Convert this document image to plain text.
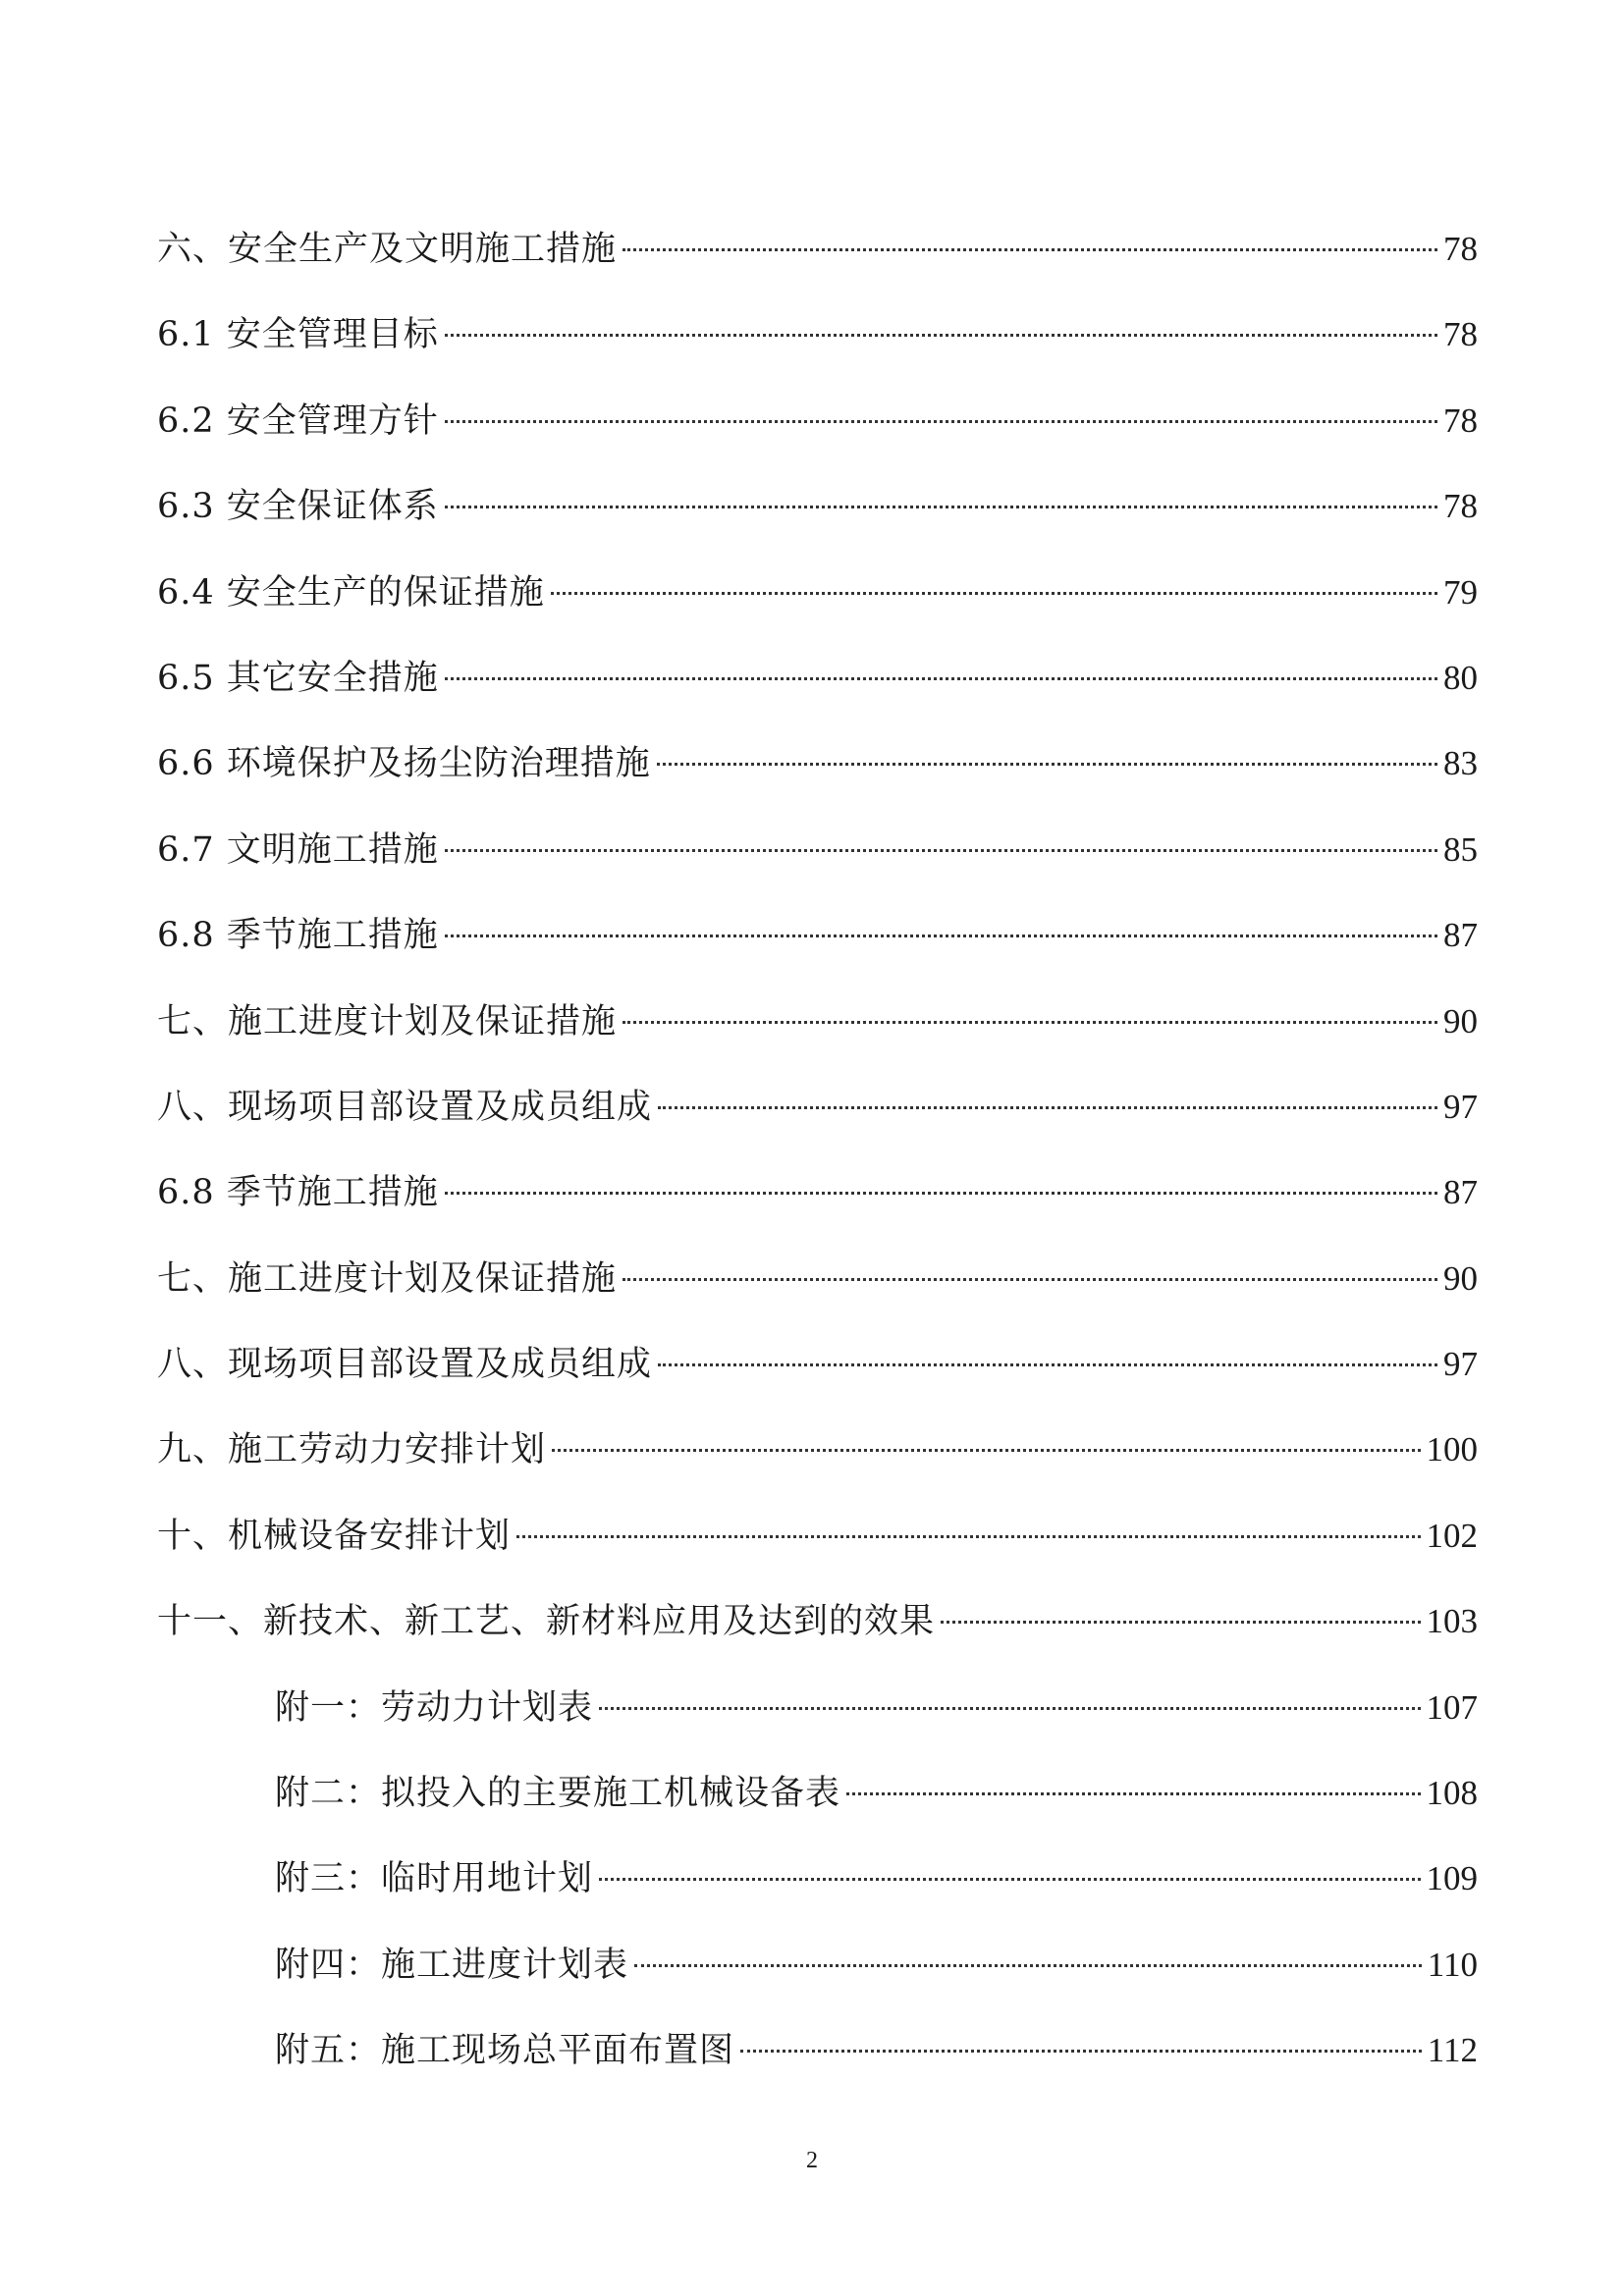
六、安全生产及文明施工措施	78
6.1 安全管理目标	78
6.2 安全管理方针	78
6.3 安全保证体系	78
6.4 安全生产的保证措施	79
6.5 其它安全措施	80
6.6 环境保护及扬尘防治理措施	83
6.7 文明施工措施	85
6.8 季节施工措施	87
七、施工进度计划及保证措施	90
八、现场项目部设置及成员组成	97
6.8 季节施工措施	87
七、施工进度计划及保证措施	90
八、现场项目部设置及成员组成	97
九、施工劳动力安排计划	100
十、机械设备安排计划	102
十一、新技术、新工艺、新材料应用及达到的效果	103
附一：劳动力计划表	107
附二：拟投入的主要施工机械设备表	108
附三：临时用地计划	109
附四：施工进度计划表	110
附五：施工现场总平面布置图	112
2
